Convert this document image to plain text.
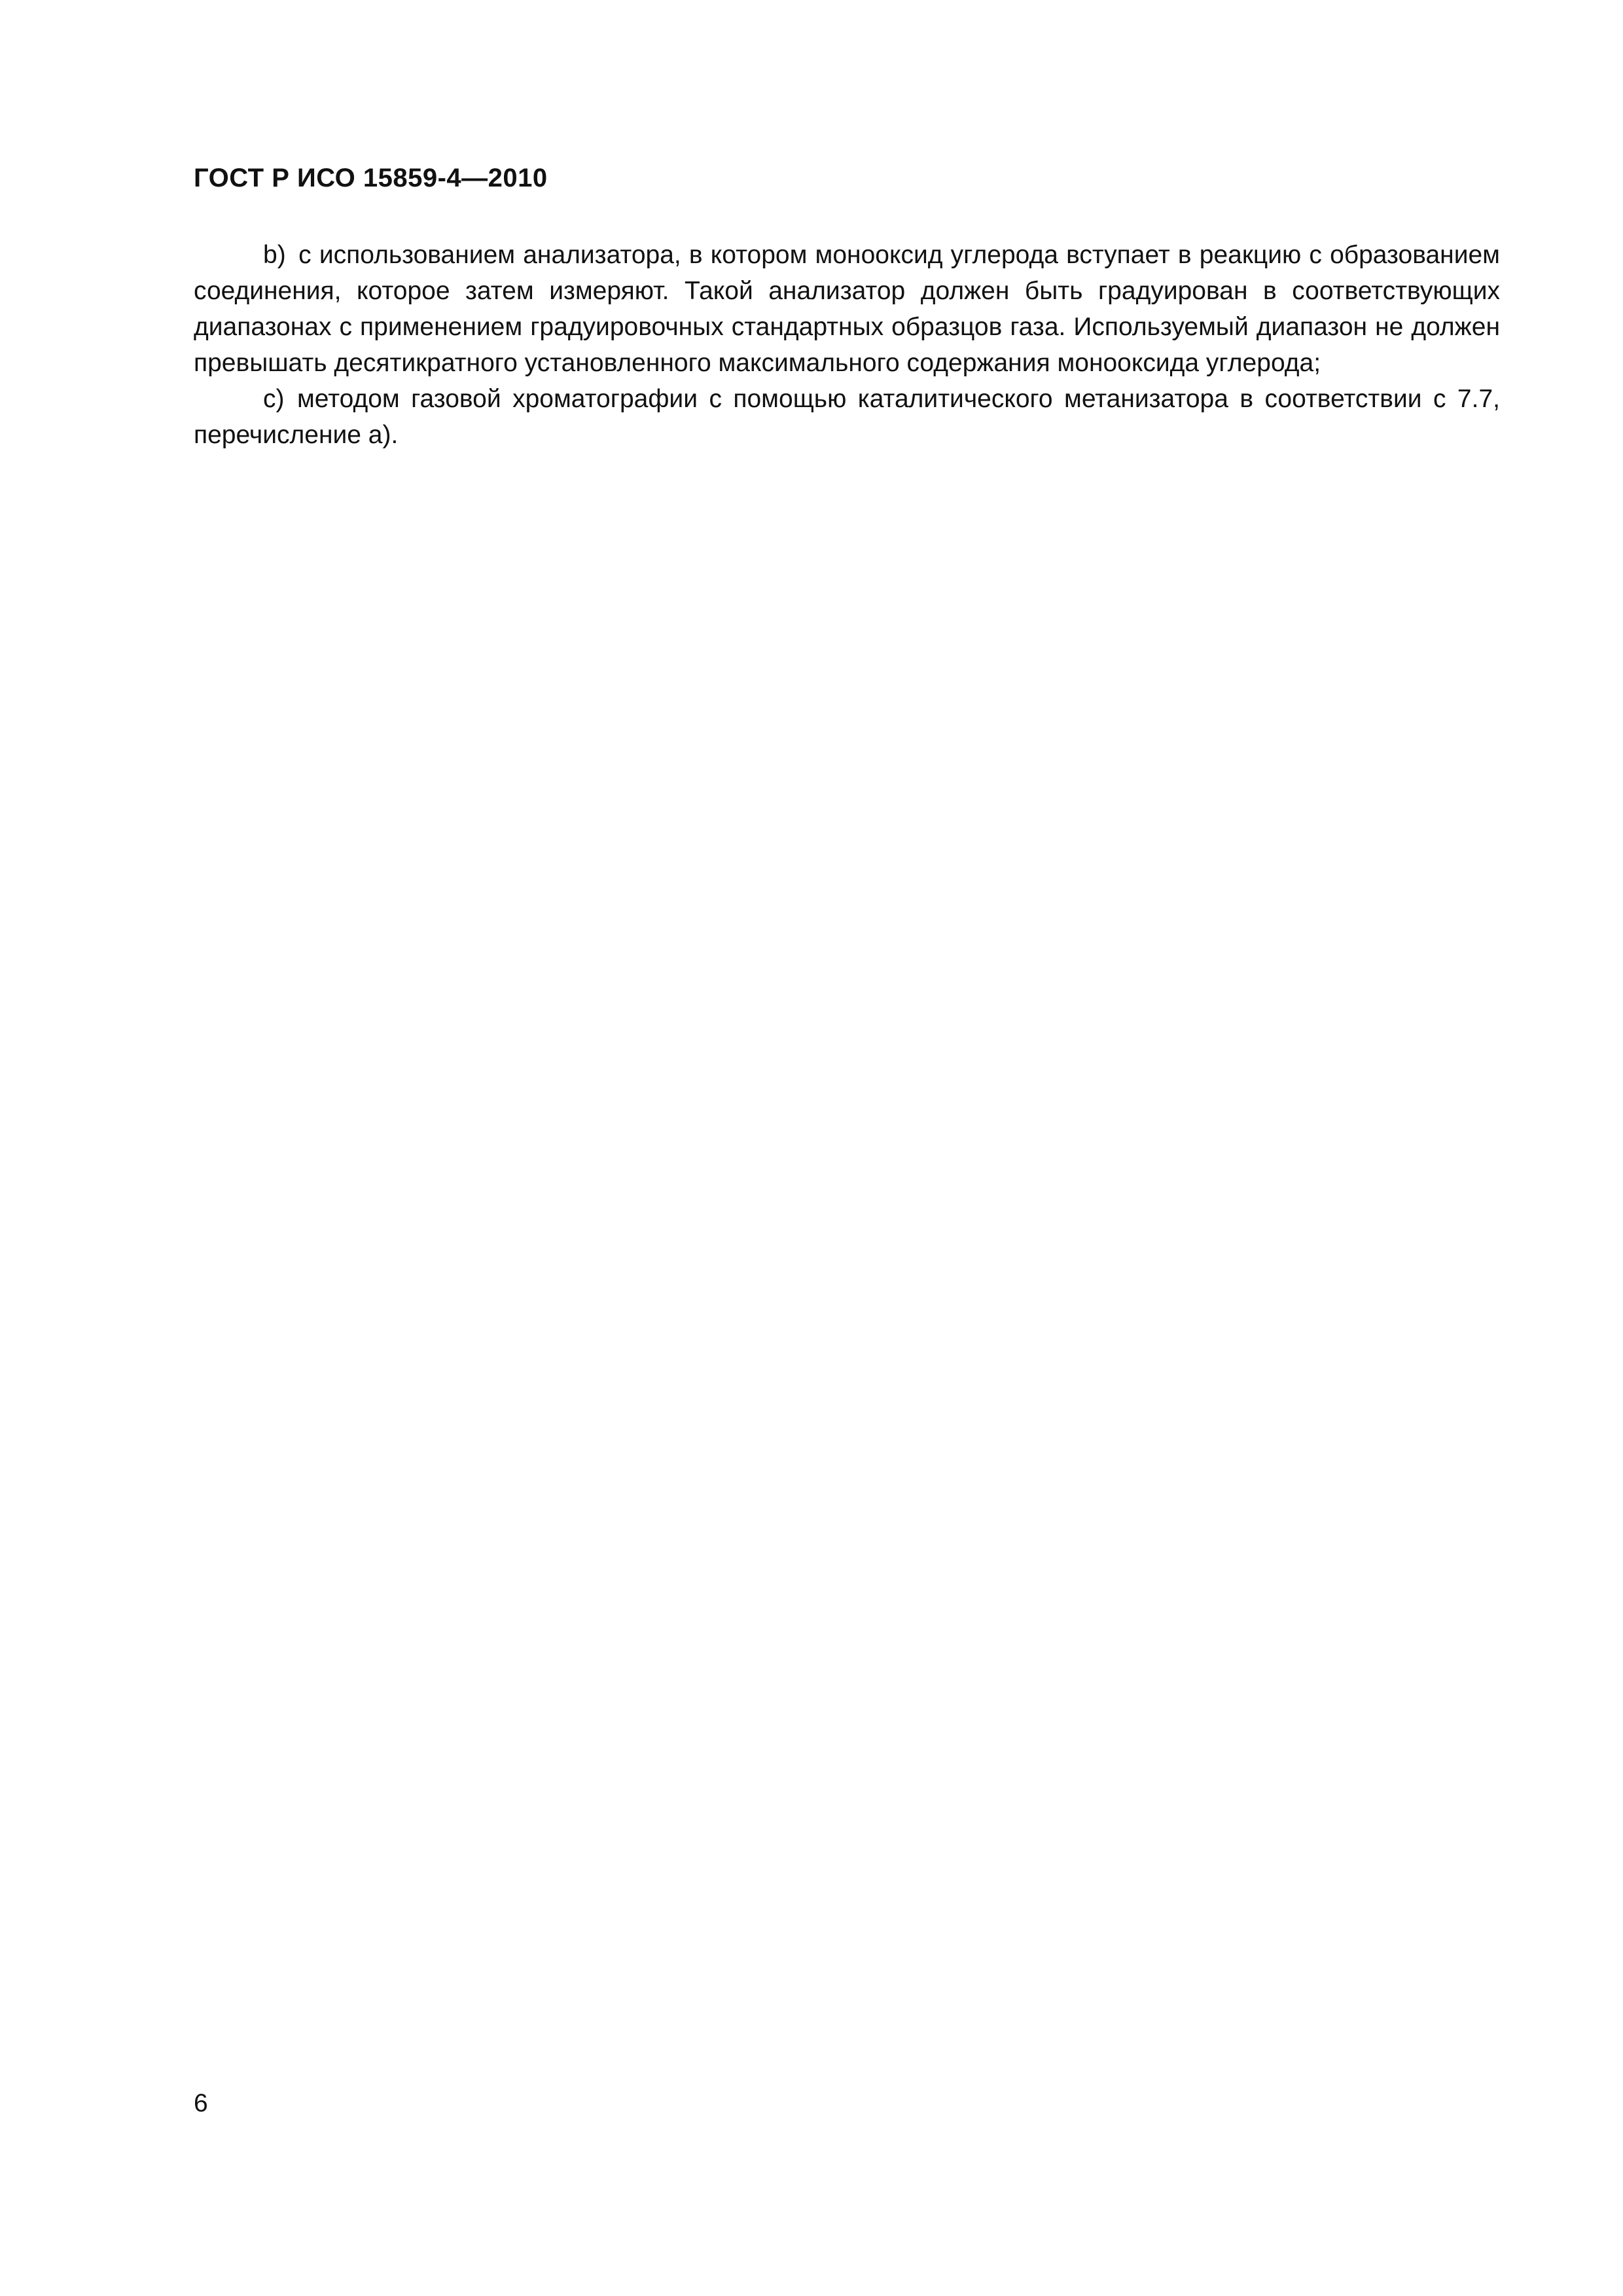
ГОСТ Р ИСО 15859-4—2010

b) с использованием анализатора, в котором монооксид углерода вступает в реакцию с образованием соединения, которое затем измеряют. Такой анализатор должен быть градуирован в соответствующих диапазонах с применением градуировочных стандартных образцов газа. Используемый диапазон не должен превышать десятикратного установленного максимального содержания монооксида углерода;

c) методом газовой хроматографии с помощью каталитического метанизатора в соответствии с 7.7, перечисление а).

6
